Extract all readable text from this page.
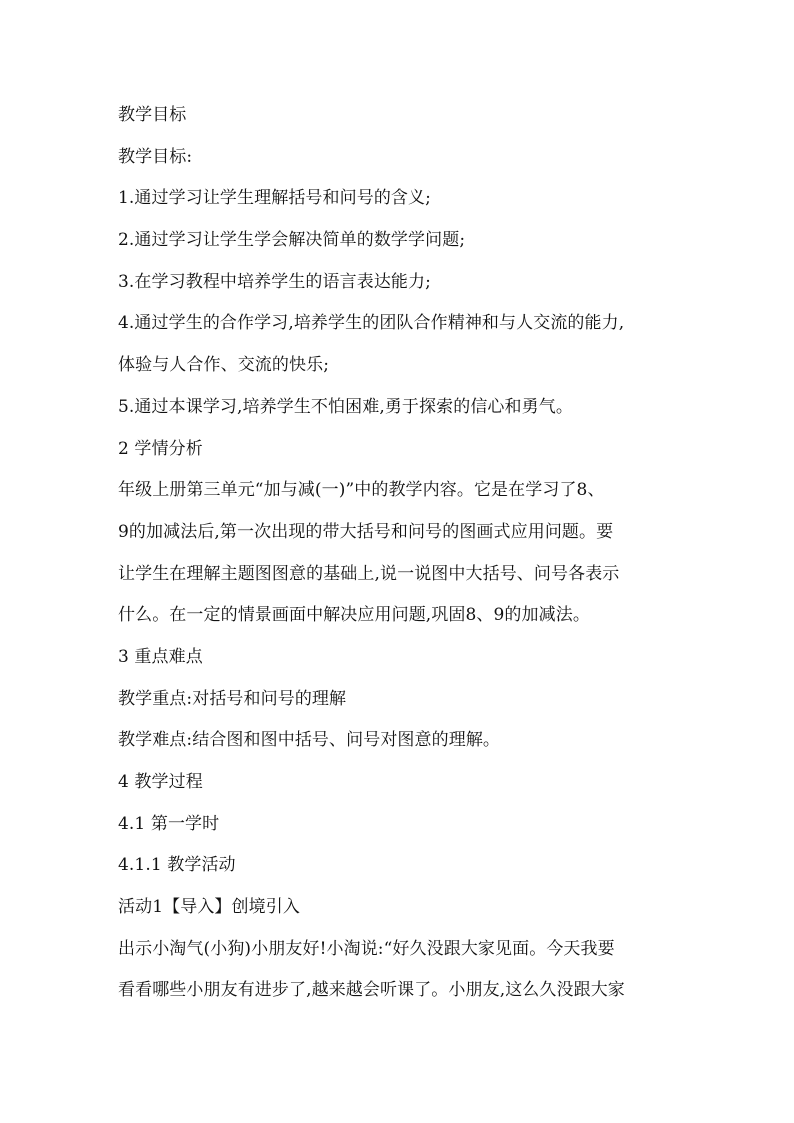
教学目标
教学目标:
1.通过学习让学生理解括号和问号的含义;
2.通过学习让学生学会解决简单的数学学问题;
3.在学习教程中培养学生的语言表达能力;
4.通过学生的合作学习,培养学生的团队合作精神和与人交流的能力,
体验与人合作、交流的快乐;
5.通过本课学习,培养学生不怕困难,勇于探索的信心和勇气。
2 学情分析
年级上册第三单元“加与减(一)”中的教学内容。它是在学习了8、
9的加减法后,第一次出现的带大括号和问号的图画式应用问题。要
让学生在理解主题图图意的基础上,说一说图中大括号、问号各表示
什么。在一定的情景画面中解决应用问题,巩固8、9的加减法。
3 重点难点
教学重点:对括号和问号的理解
教学难点:结合图和图中括号、问号对图意的理解。
4 教学过程
4.1 第一学时
4.1.1 教学活动
活动1【导入】创境引入
出示小淘气(小狗)小朋友好!小淘说:“好久没跟大家见面。今天我要
看看哪些小朋友有进步了,越来越会听课了。小朋友,这么久没跟大家
